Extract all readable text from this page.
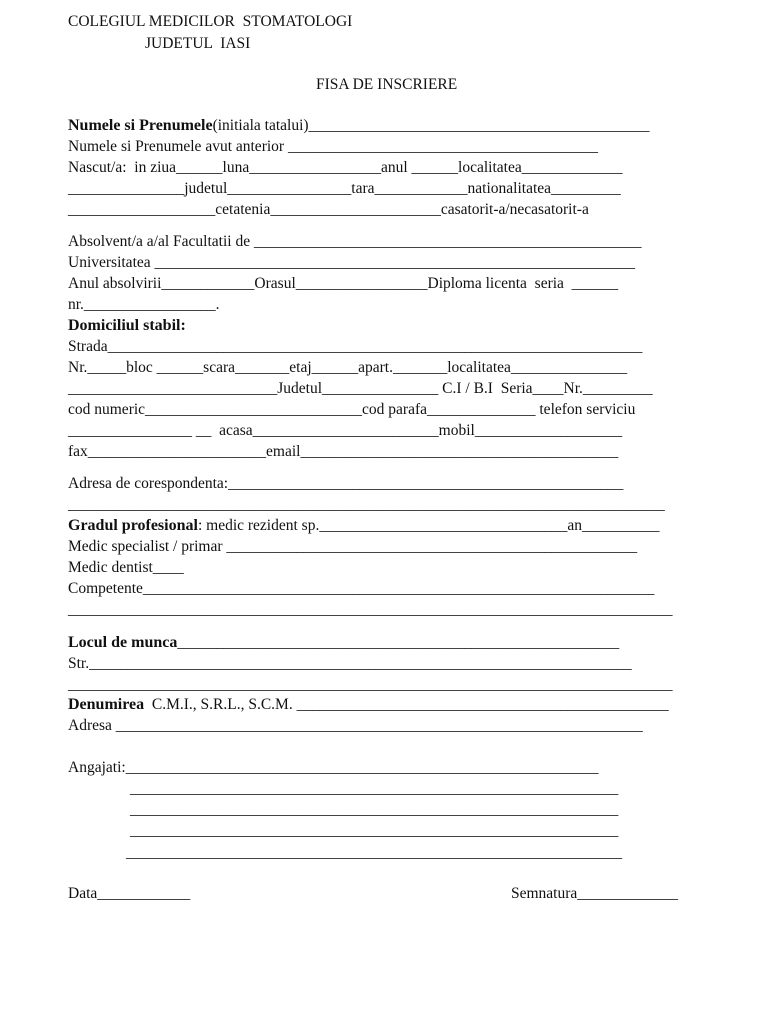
COLEGIUL MEDICILOR  STOMATOLOGI
JUDETUL  IASI
FISA DE INSCRIERE
Numele si Prenumele(initiala tatalui)____________________________________________
Numele si Prenumele avut anterior ________________________________________
Nascut/a:  in ziua______luna_________________anul ______localitatea_____________
_______________judetul________________tara____________nationalitatea_________
___________________cetatenia______________________casatorit-a/necasatorit-a
Absolvent/a a/al Facultatii de __________________________________________________
Universitatea ______________________________________________________________
Anul absolvirii____________Orasul_________________Diploma licenta  seria  ______
nr._________________.
Domiciliul stabil:
Strada_____________________________________________________________________
Nr._____bloc ______scara_______etaj______apart._______localitatea_______________
___________________________Judetul_______________ C.I / B.I  Seria____Nr._________
cod numeric____________________________cod parafa______________ telefon serviciu
________________ __  acasa________________________mobil___________________
fax_______________________email_________________________________________
Adresa de corespondenta:___________________________________________________
_____________________________________________________________________________
Gradul profesional: medic rezident sp.________________________________an__________
Medic specialist / primar _____________________________________________________
Medic dentist____
Competente__________________________________________________________________
______________________________________________________________________________
Locul de munca_________________________________________________________
Str.______________________________________________________________________
______________________________________________________________________________
Denumirea  C.M.I., S.R.L., S.C.M. ________________________________________________
Adresa ____________________________________________________________________
Angajati:_____________________________________________________________
_______________________________________________________________
_______________________________________________________________
_______________________________________________________________
________________________________________________________________
Data____________	Semnatura_____________
